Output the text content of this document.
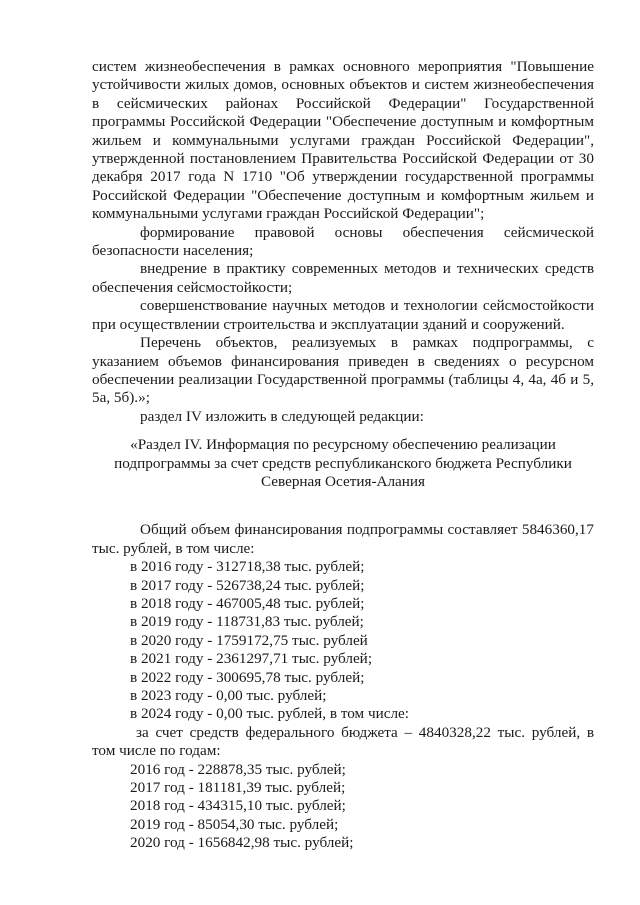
систем жизнеобеспечения в рамках основного мероприятия "Повышение устойчивости жилых домов, основных объектов и систем жизнеобеспечения в сейсмических районах Российской Федерации" Государственной программы Российской Федерации "Обеспечение доступным и комфортным жильем и коммунальными услугами граждан Российской Федерации", утвержденной постановлением Правительства Российской Федерации от 30 декабря 2017 года N 1710 "Об утверждении государственной программы Российской Федерации "Обеспечение доступным и комфортным жильем и коммунальными услугами граждан Российской Федерации";

формирование правовой основы обеспечения сейсмической безопасности населения;

внедрение в практику современных методов и технических средств обеспечения сейсмостойкости;

совершенствование научных методов и технологии сейсмостойкости при осуществлении строительства и эксплуатации зданий и сооружений.

Перечень объектов, реализуемых в рамках подпрограммы, с указанием объемов финансирования приведен в сведениях о ресурсном обеспечении реализации Государственной программы (таблицы 4, 4а, 4б и 5, 5а, 5б).»;

раздел IV изложить в следующей редакции:

«Раздел IV. Информация по ресурсному обеспечению реализации подпрограммы за счет средств республиканского бюджета Республики Северная Осетия-Алания

Общий объем финансирования подпрограммы составляет 5846360,17 тыс. рублей, в том числе:

в 2016 году - 312718,38 тыс. рублей;

в 2017 году - 526738,24 тыс. рублей;

в 2018 году - 467005,48 тыс. рублей;

в 2019 году - 118731,83 тыс. рублей;

в 2020 году - 1759172,75 тыс. рублей

в 2021 году - 2361297,71 тыс. рублей;

в 2022 году - 300695,78 тыс. рублей;

в 2023 году - 0,00 тыс. рублей;

в 2024 году - 0,00 тыс. рублей, в том числе:

за счет средств федерального бюджета – 4840328,22 тыс. рублей, в том числе по годам:

2016 год - 228878,35 тыс. рублей;

2017 год - 181181,39 тыс. рублей;

2018 год - 434315,10 тыс. рублей;

2019 год - 85054,30 тыс. рублей;

2020 год - 1656842,98 тыс. рублей;
